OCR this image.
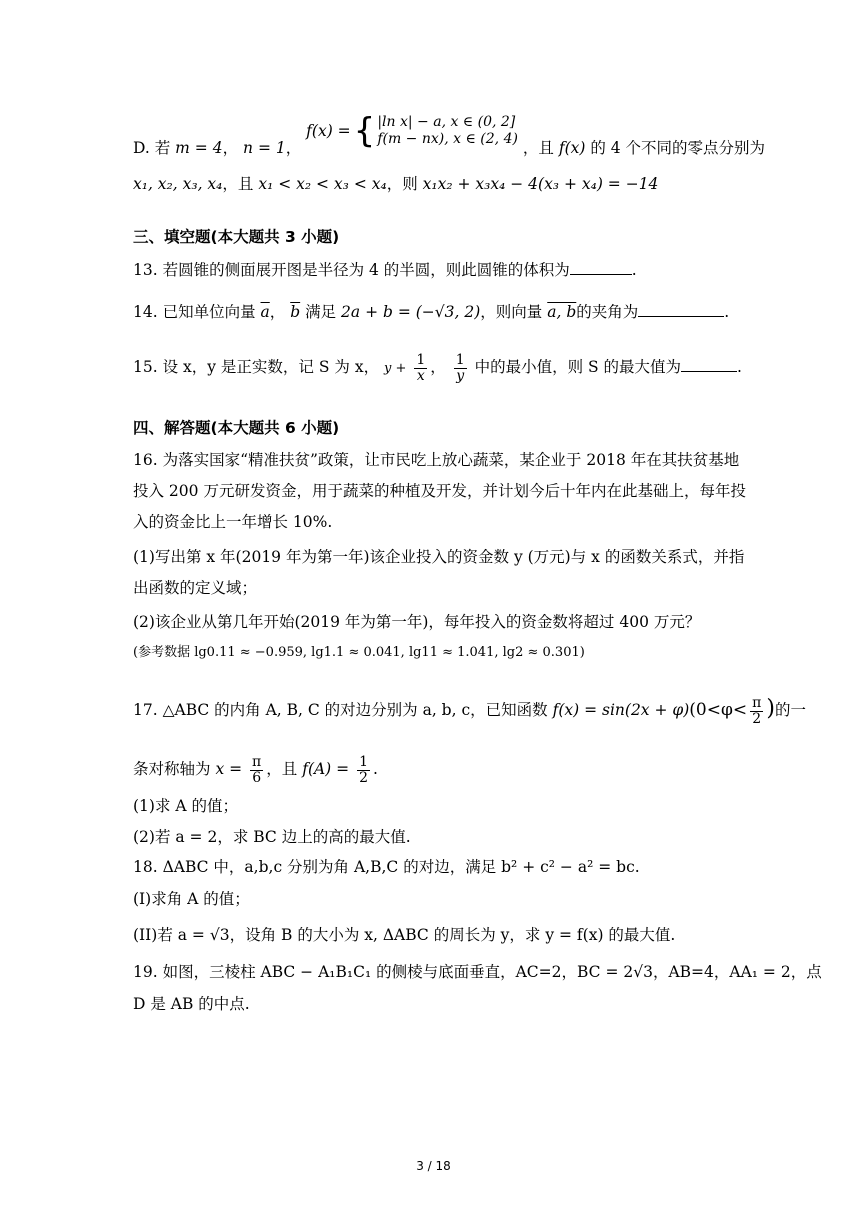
D. 若 m = 4， n = 1，
f(x) = { |ln x| − a, x ∈ (0, 2]
f(m − nx), x ∈ (2, 4) ，且 f(x) 的 4 个不同的零点分别为
x₁, x₂, x₃, x₄，且 x₁ < x₂ < x₃ < x₄，则 x₁x₂ + x₃x₄ − 4(x₃ + x₄) = −14
三、填空题(本大题共 3 小题)
13. 若圆锥的侧面展开图是半径为 4 的半圆，则此圆锥的体积为	.
14. 已知单位向量 $\overline{a}$， $\overline{b}$ 满足 2a + b = (−√3, 2)，则向量 a, b的夹角为	.
15. 设 x，y 是正实数，记 S 为 x， $y + \frac{1}{x}$ ， $\frac{1}{y}$ 中的最小值，则 S 的最大值为	.
四、解答题(本大题共 6 小题)
16. 为落实国家“精准扶贫”政策，让市民吃上放心蔬菜，某企业于 2018 年在其扶贫基地
投入 200 万元研发资金，用于蔬菜的种植及开发，并计划今后十年内在此基础上，每年投
入的资金比上一年增长 10%.
(1)写出第 x 年(2019 年为第一年)该企业投入的资金数 y (万元)与 x 的函数关系式，并指
出函数的定义域；
(2)该企业从第几年开始(2019 年为第一年)，每年投入的资金数将超过 400 万元？
(参考数据 lg0.11 ≈ −0.959, lg1.1 ≈ 0.041, lg11 ≈ 1.041, lg2 ≈ 0.301)
17. △ABC 的内角 A, B, C 的对边分别为 a, b, c，已知函数 $f(x) = \sin(2x + \varphi)(0<\varphi< \frac{\pi}{2}$ )的一
条对称轴为 $x = \frac{\pi}{6}$ ，且 $f(A) = \frac{1}{2}$ .
(1)求 A 的值；
(2)若 a = 2，求 BC 边上的高的最大值.
18. ΔABC 中，a,b,c 分别为角 A,B,C 的对边，满足 b² + c² − a² = bc.
(I)求角 A 的值；
(II)若 a = √3，设角 B 的大小为 x, ΔABC 的周长为 y，求 y = f(x) 的最大值.
19. 如图，三棱柱 ABC − A₁B₁C₁ 的侧棱与底面垂直，AC=2，BC = 2√3，AB=4，AA₁ = 2，点
D 是 AB 的中点.
3 / 18
